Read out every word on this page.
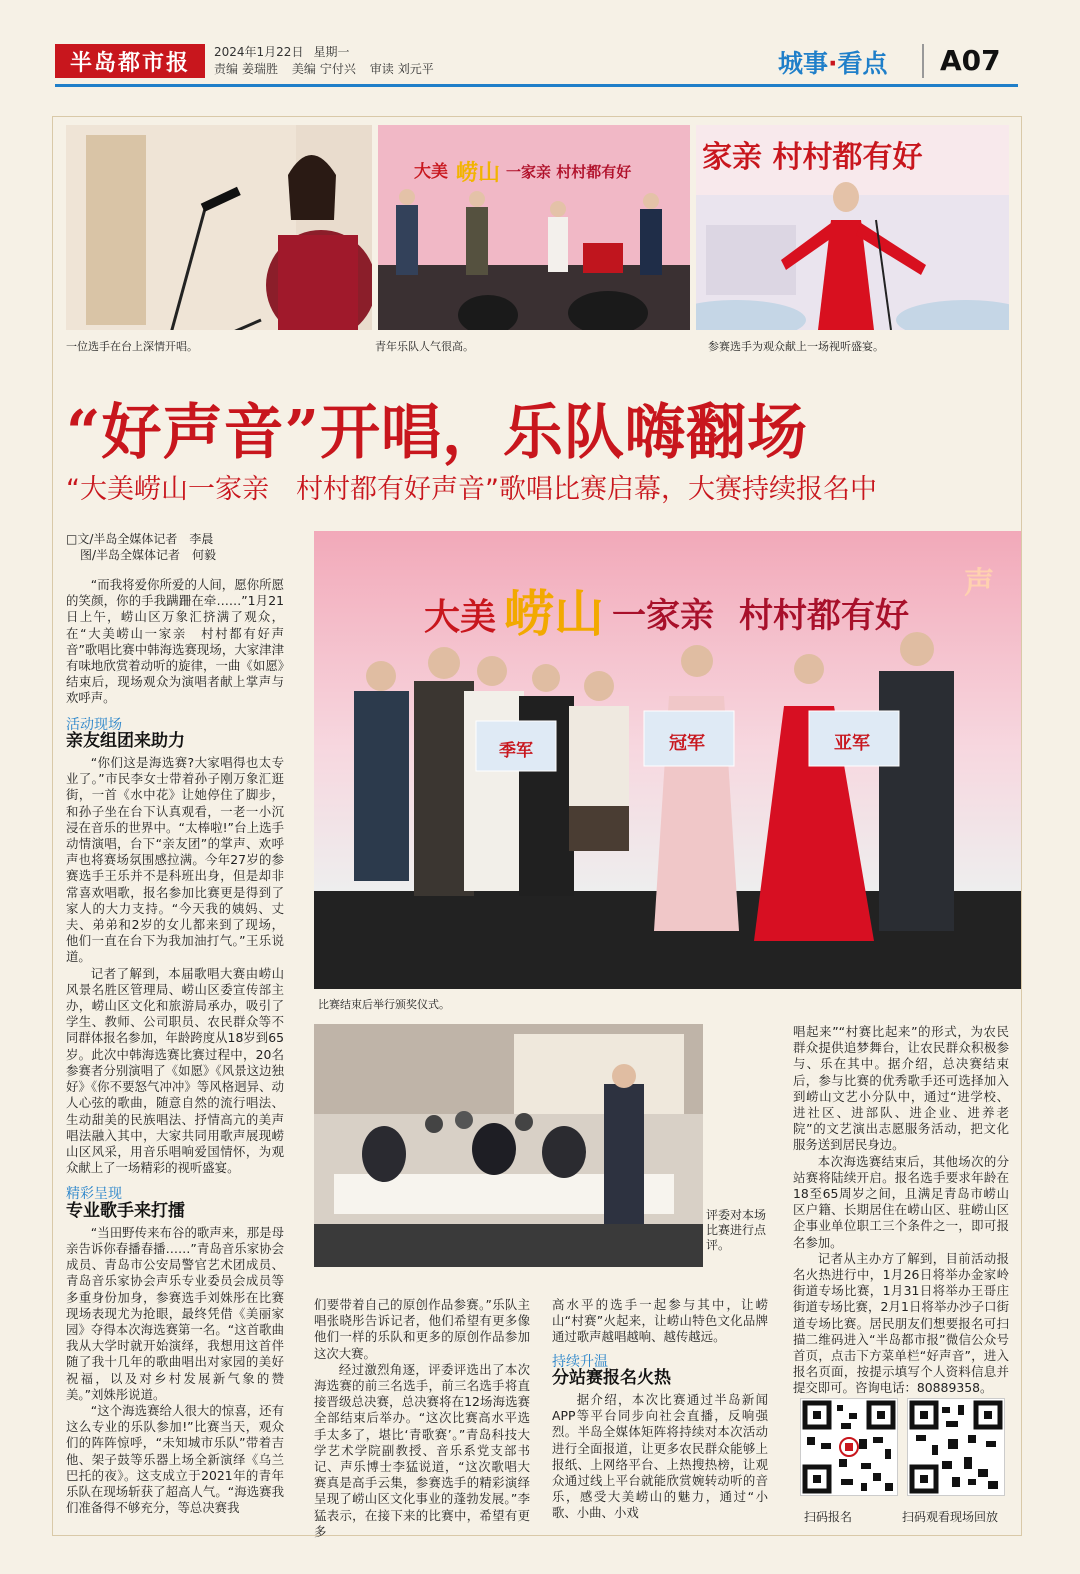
半岛都市报	2024年1月22日 星期一
责编 姜瑞胜 美编 宁付兴 审读 刘元平	城事·看点 A07
大美 崂山 一家亲 村村都有好 家亲 村村都有好
一位选手在台上深情开唱。	青年乐队人气很高。	参赛选手为观众献上一场视听盛宴。
“好声音”开唱，乐队嗨翻场
“大美崂山一家亲　村村都有好声音”歌唱比赛启幕，大赛持续报名中
大美 崂山 一家亲 村村都有好
声
季军	冠军	亚军
比赛结束后举行颁奖仪式。
评委对本场比赛进行点评。
□文/半岛全媒体记者　李晨
图/半岛全媒体记者　何毅

“而我将爱你所爱的人间，愿你所愿的笑颜，你的手我蹒跚在牵……”1月21日上午，崂山区万象汇挤满了观众，在“大美崂山一家亲　村村都有好声音”歌唱比赛中韩海选赛现场，大家津津有味地欣赏着动听的旋律，一曲《如愿》结束后，现场观众为演唱者献上掌声与欢呼声。

活动现场
亲友组团来助力

“你们这是海选赛?大家唱得也太专业了。”市民李女士带着孙子刚万象汇逛街，一首《水中花》让她停住了脚步，和孙子坐在台下认真观看，一老一小沉浸在音乐的世界中。“太棒啦!”台上选手动情演唱，台下“亲友团”的掌声、欢呼声也将赛场氛围感拉满。今年27岁的参赛选手王乐并不是科班出身，但是却非常喜欢唱歌，报名参加比赛更是得到了家人的大力支持。“今天我的姨妈、丈夫、弟弟和2岁的女儿都来到了现场，他们一直在台下为我加油打气。”王乐说道。

记者了解到，本届歌唱大赛由崂山风景名胜区管理局、崂山区委宣传部主办，崂山区文化和旅游局承办，吸引了学生、教师、公司职员、农民群众等不同群体报名参加，年龄跨度从18岁到65岁。此次中韩海选赛比赛过程中，20名参赛者分别演唱了《如愿》《风景这边独好》《你不要怒气冲冲》等风格迥异、动人心弦的歌曲，随意自然的流行唱法、生动甜美的民族唱法、抒情高亢的美声唱法融入其中，大家共同用歌声展现崂山区风采，用音乐唱响爱国情怀，为观众献上了一场精彩的视听盛宴。

精彩呈现
专业歌手来打擂

“当田野传来布谷的歌声来，那是母亲告诉你春播春播……”青岛音乐家协会成员、青岛市公安局警官艺术团成员、青岛音乐家协会声乐专业委员会成员等多重身份加身，参赛选手刘姝彤在比赛现场表现尤为抢眼，最终凭借《美丽家园》夺得本次海选赛第一名。“这首歌曲我从大学时就开始演绎，我想用这首伴随了我十几年的歌曲唱出对家园的美好祝福，以及对乡村发展新气象的赞美。”刘姝彤说道。

“这个海选赛给人很大的惊喜，还有这么专业的乐队参加!”比赛当天，观众们的阵阵惊呼，“未知城市乐队”带着吉他、架子鼓等乐器上场全新演绎《乌兰巴托的夜》。这支成立于2021年的青年乐队在现场斩获了超高人气。“海选赛我们准备得不够充分，等总决赛我

们要带着自己的原创作品参赛。”乐队主唱张晓彤告诉记者，他们希望有更多像他们一样的乐队和更多的原创作品参加这次大赛。

经过激烈角逐，评委评选出了本次海选赛的前三名选手，前三名选手将直接晋级总决赛，总决赛将在12场海选赛全部结束后举办。“这次比赛高水平选手太多了，堪比‘青歌赛’。”青岛科技大学艺术学院副教授、音乐系党支部书记、声乐博士李猛说道，“这次歌唱大赛真是高手云集，参赛选手的精彩演绎呈现了崂山区文化事业的蓬勃发展。”李猛表示，在接下来的比赛中，希望有更多

高水平的选手一起参与其中，让崂山“村赛”火起来，让崂山特色文化品牌通过歌声越唱越响、越传越远。

持续升温
分站赛报名火热

据介绍，本次比赛通过半岛新闻APP等平台同步向社会直播，反响强烈。半岛全媒体矩阵将持续对本次活动进行全面报道，让更多农民群众能够上报纸、上网络平台、上热搜热榜，让观众通过线上平台就能欣赏婉转动听的音乐，感受大美崂山的魅力，通过“小歌、小曲、小戏

唱起来”“村赛比起来”的形式，为农民群众提供追梦舞台，让农民群众积极参与、乐在其中。据介绍，总决赛结束后，参与比赛的优秀歌手还可选择加入到崂山文艺小分队中，通过“进学校、进社区、进部队、进企业、进养老院”的文艺演出志愿服务活动，把文化服务送到居民身边。

本次海选赛结束后，其他场次的分站赛将陆续开启。报名选手要求年龄在18至65周岁之间，且满足青岛市崂山区户籍、长期居住在崂山区、驻崂山区企事业单位职工三个条件之一，即可报名参加。

记者从主办方了解到，目前活动报名火热进行中，1月26日将举办金家岭街道专场比赛，1月31日将举办王哥庄街道专场比赛，2月1日将举办沙子口街道专场比赛。居民朋友们想要报名可扫描二维码进入“半岛都市报”微信公众号首页，点击下方菜单栏“好声音”，进入报名页面，按提示填写个人资料信息并提交即可。咨询电话：80889358。

扫码报名	扫码观看现场回放
